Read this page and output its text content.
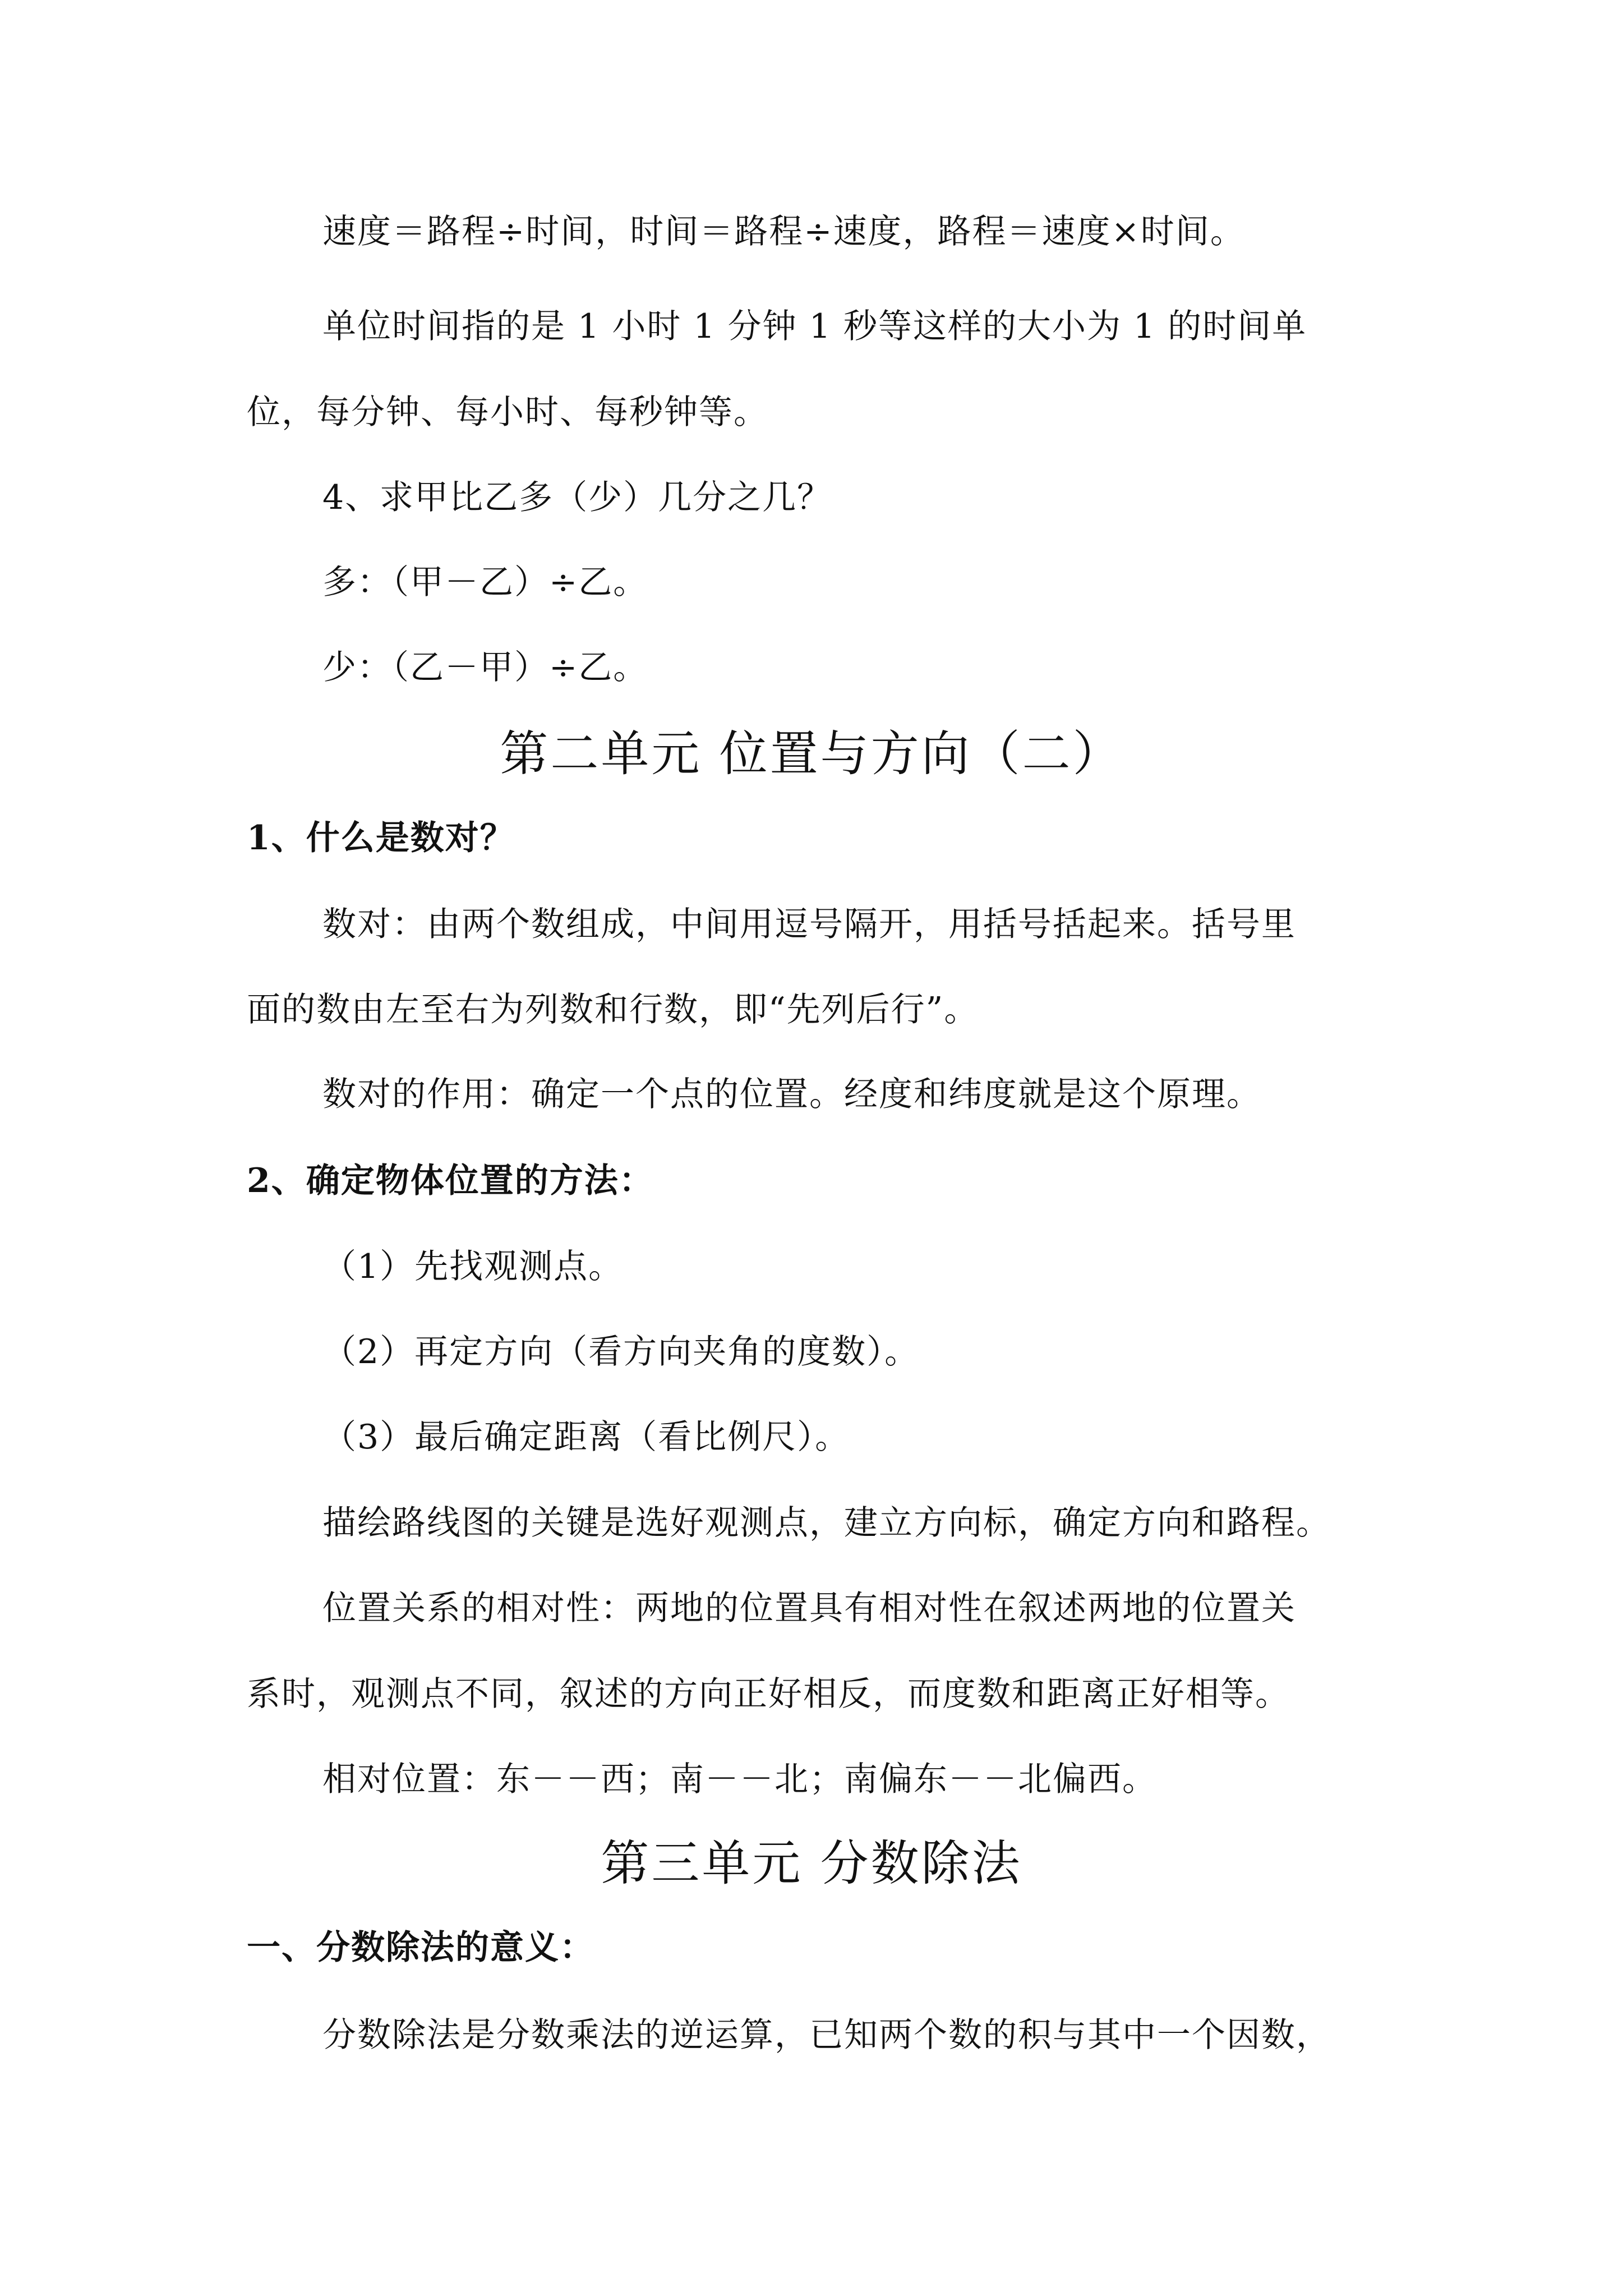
速度＝路程÷时间，时间＝路程÷速度，路程＝速度×时间。
单位时间指的是 1 小时 1 分钟 1 秒等这样的大小为 1 的时间单
位，每分钟、每小时、每秒钟等。
4、求甲比乙多（少）几分之几？
多：（甲－乙）÷乙。
少：（乙－甲）÷乙。
第二单元 位置与方向（二）
1、什么是数对？
数对：由两个数组成，中间用逗号隔开，用括号括起来。括号里
面的数由左至右为列数和行数，即“先列后行”。
数对的作用：确定一个点的位置。经度和纬度就是这个原理。
2、确定物体位置的方法：
（1）先找观测点。
（2）再定方向（看方向夹角的度数）。
（3）最后确定距离（看比例尺）。
描绘路线图的关键是选好观测点，建立方向标，确定方向和路程。
位置关系的相对性：两地的位置具有相对性在叙述两地的位置关
系时，观测点不同，叙述的方向正好相反，而度数和距离正好相等。
相对位置：东－－西；南－－北；南偏东－－北偏西。
第三单元 分数除法
一、分数除法的意义：
分数除法是分数乘法的逆运算，已知两个数的积与其中一个因数，
